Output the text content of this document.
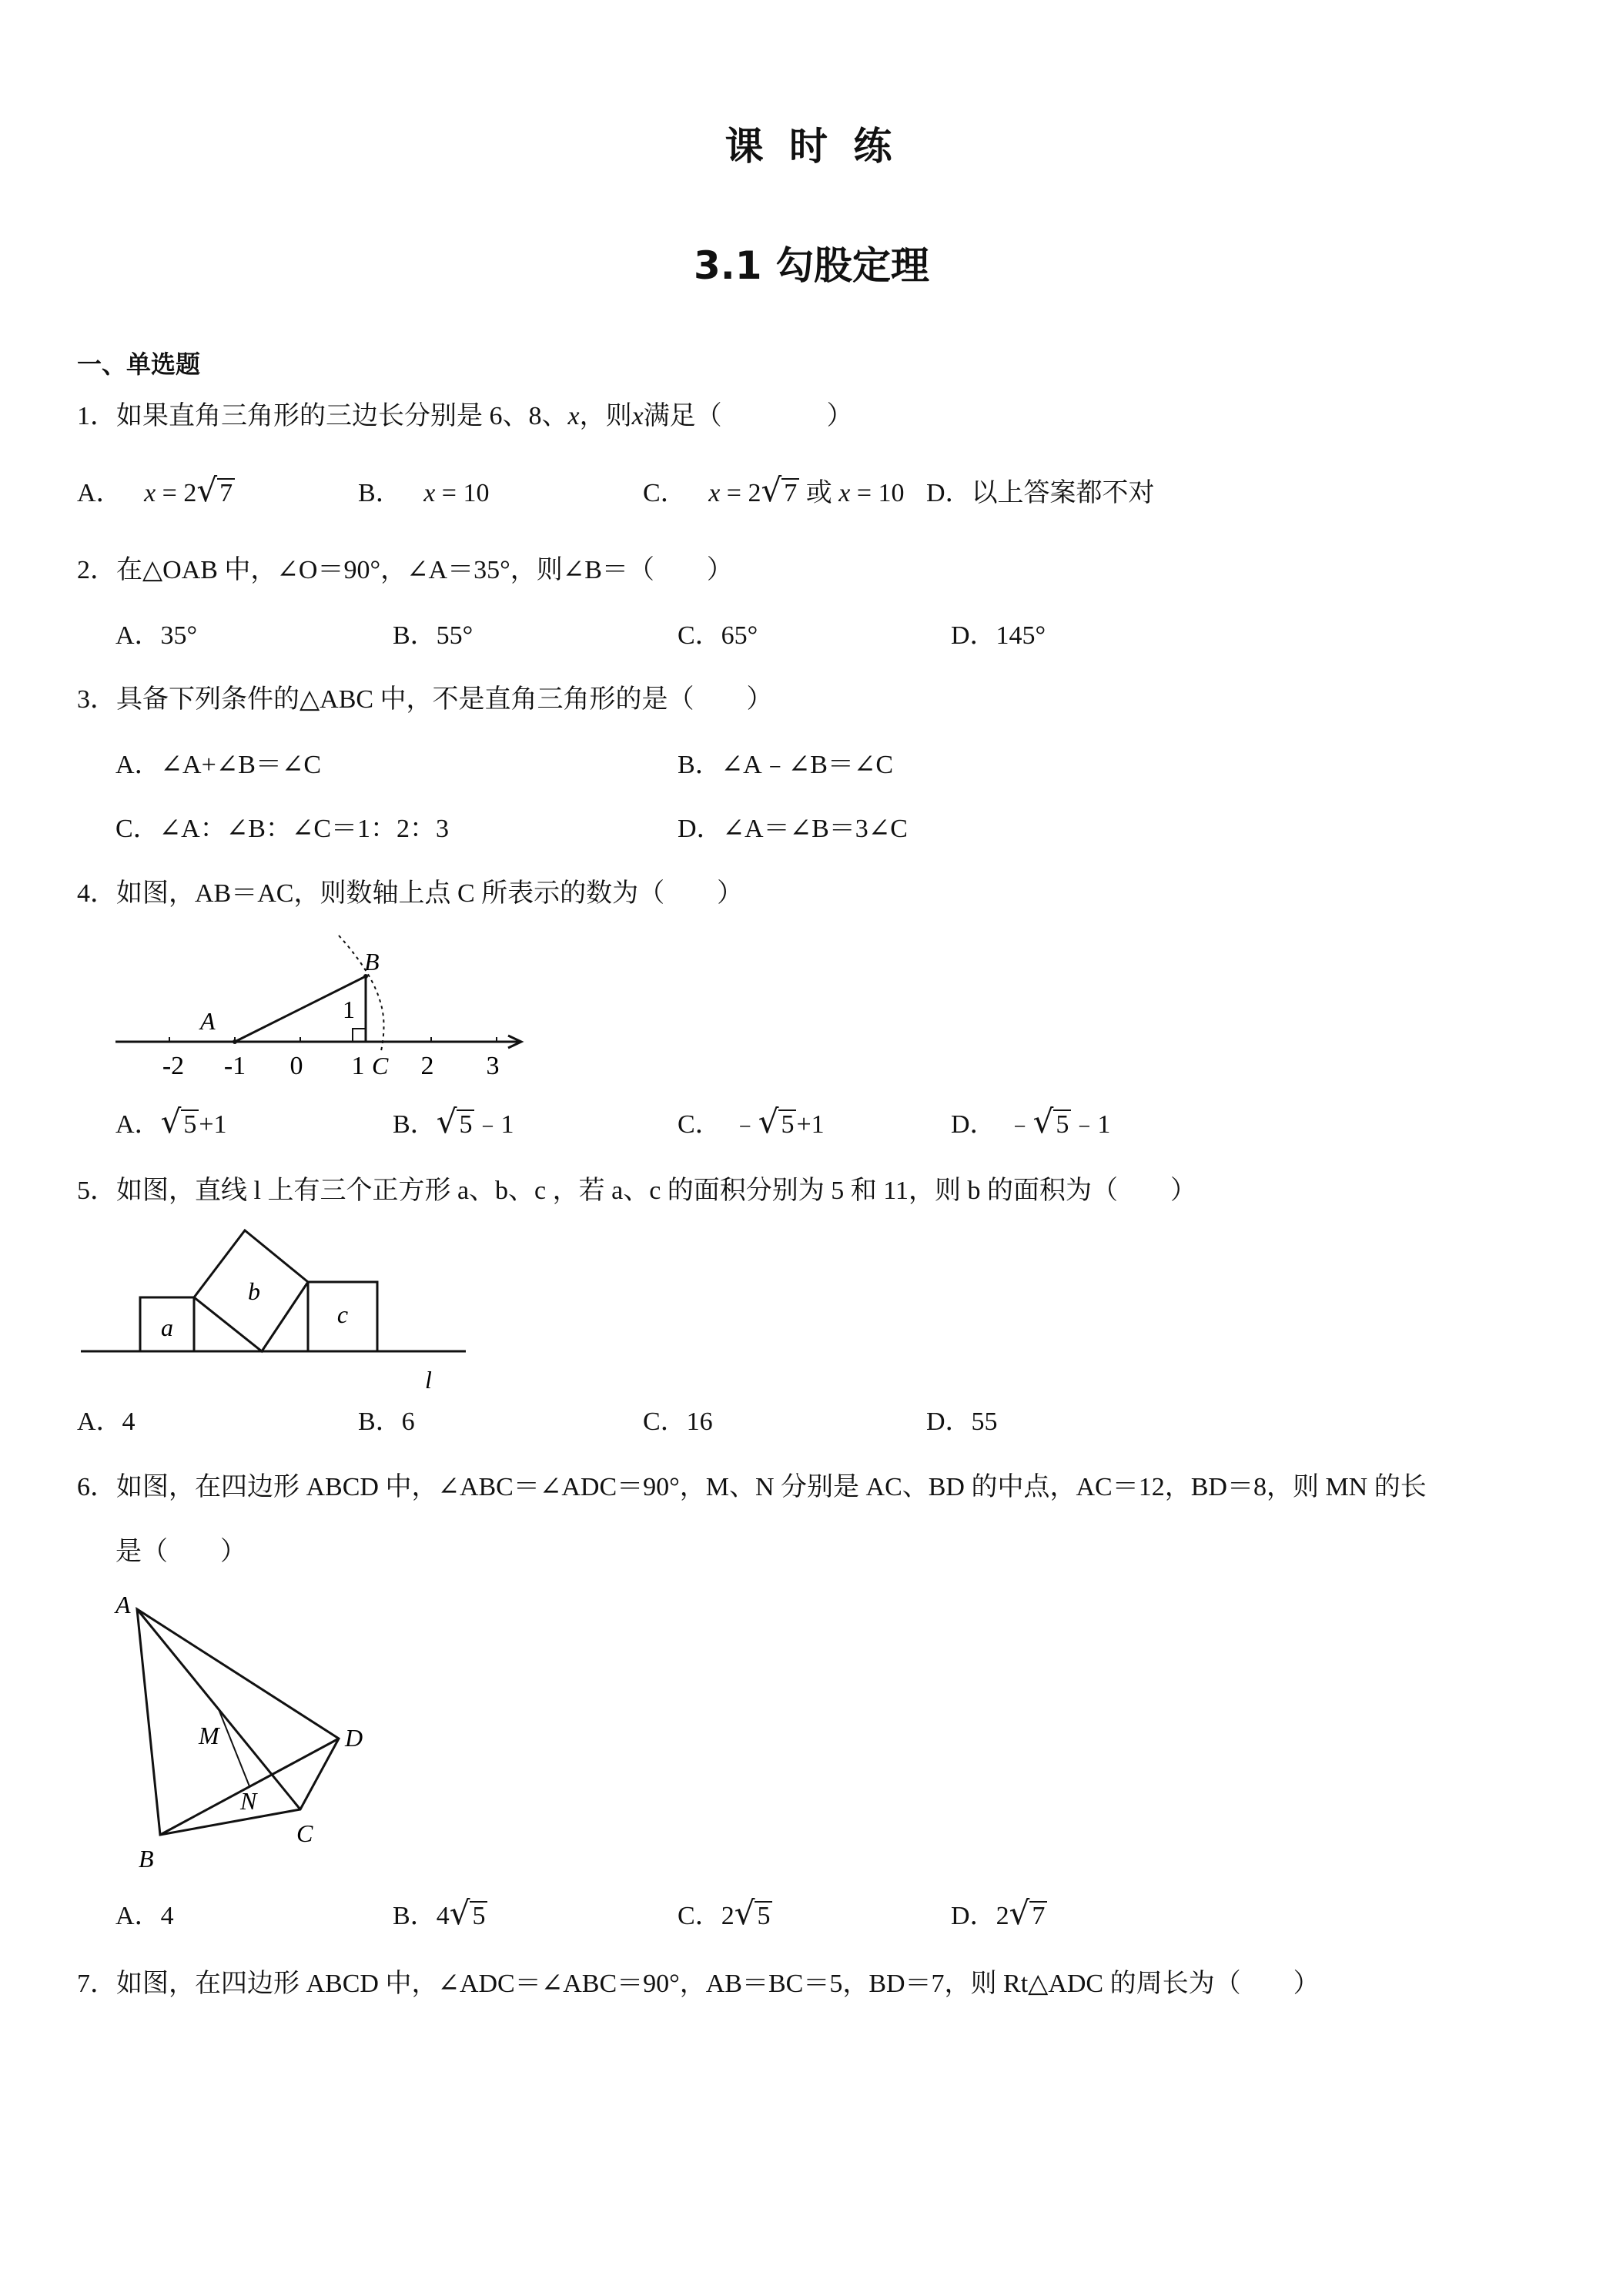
课 时 练
3.1 勾股定理
一、单选题
1．如果直角三角形的三边长分别是 6、8、x，则x满足（　　　　）
A． x = 2√7	B． x = 10	C． x = 2√7 或 x = 10 D．以上答案都不对
2．在△OAB 中，∠O＝90°，∠A＝35°，则∠B＝（　　）
A．35°	B．55°	C．65°	D．145°
3．具备下列条件的△ABC 中，不是直角三角形的是（　　）
A．∠A+∠B＝∠C	B．∠A﹣∠B＝∠C
C．∠A：∠B：∠C＝1：2：3	D．∠A＝∠B＝3∠C
4．如图，AB＝AC，则数轴上点 C 所表示的数为（　　）
-2 -1 0 1 2 3
A
B
C
1
A．√5+1	B．√5﹣1	C． ﹣√5+1	D． ﹣√5﹣1
5．如图，直线 l 上有三个正方形 a、b、c ，若 a、c 的面积分别为 5 和 11，则 b 的面积为（　　）
a
b
c
l
A．4	B．6	C．16	D．55
6．如图，在四边形 ABCD 中，∠ABC＝∠ADC＝90°，M、N 分别是 AC、BD 的中点，AC＝12，BD＝8，则 MN 的长
是（　　）
A
B
C
D
M
N
A．4	B．4√5	C．2√5	D．2√7
7．如图，在四边形 ABCD 中，∠ADC＝∠ABC＝90°，AB＝BC＝5，BD＝7，则 Rt△ADC 的周长为（　　）
